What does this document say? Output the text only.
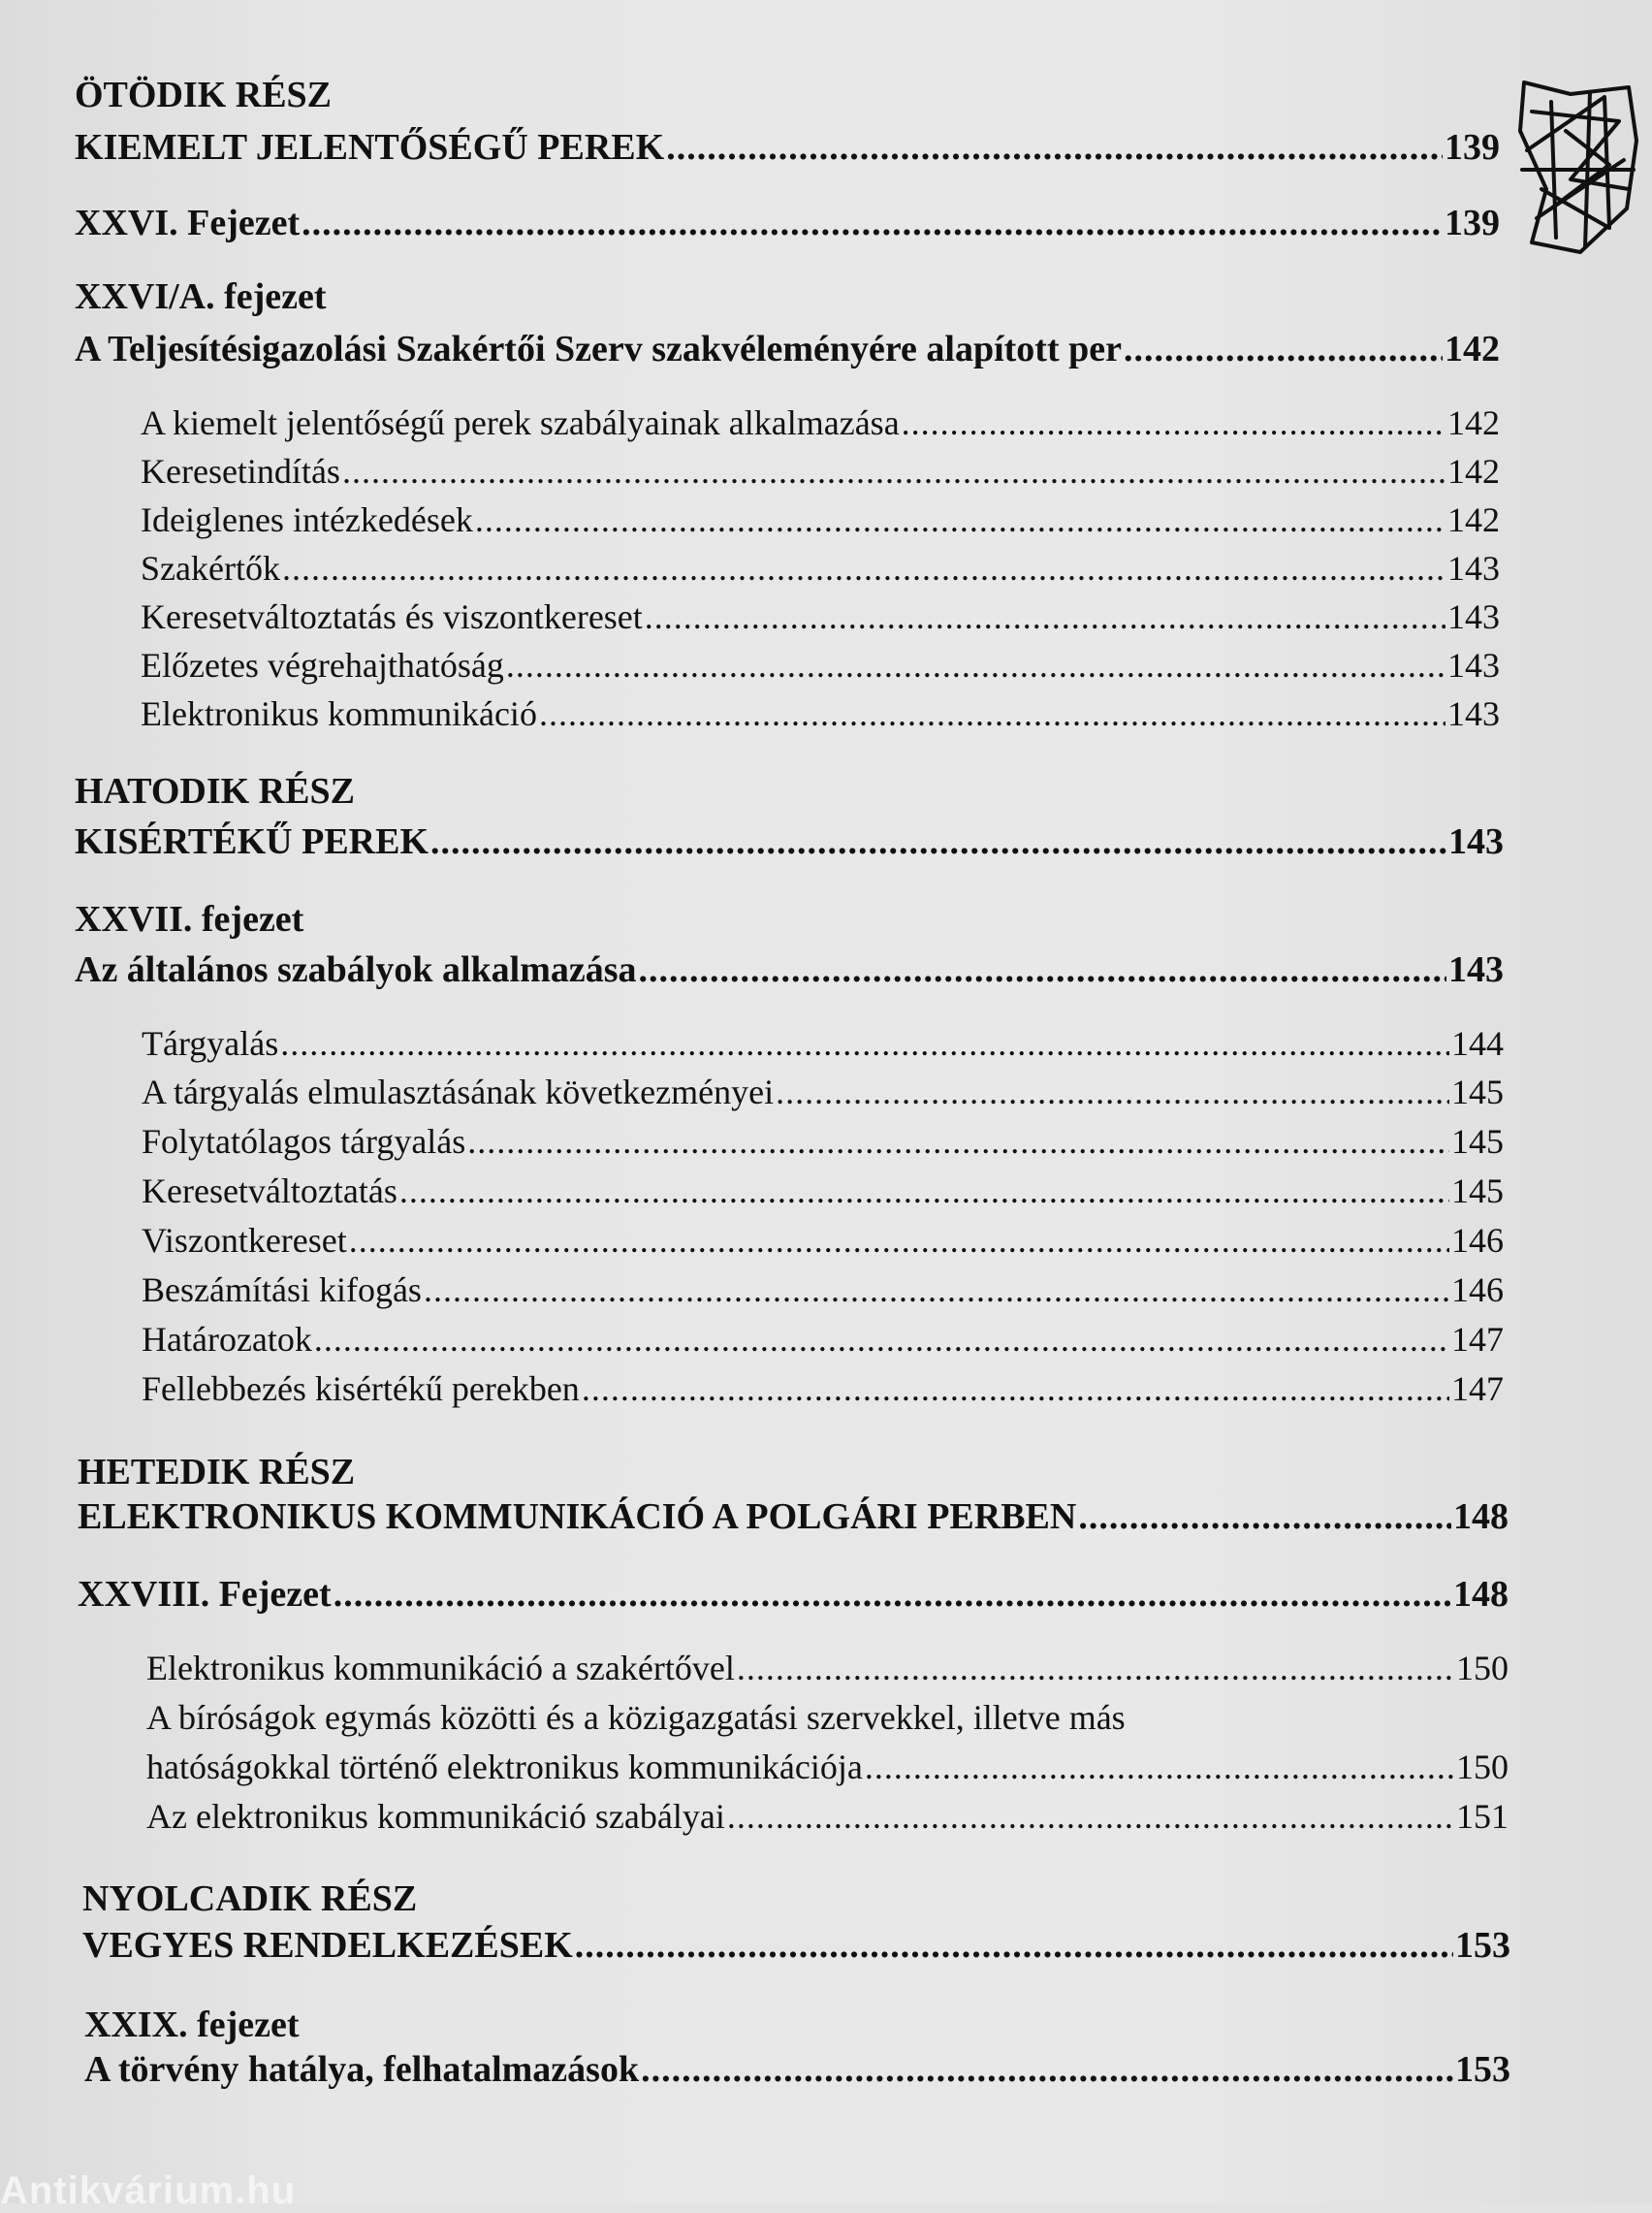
ÖTÖDIK RÉSZ
KIEMELT JELENTŐSÉGŰ PEREK .....	139
XXVI. Fejezet .....	139
XXVI/A. fejezet
A Teljesítésigazolási Szakértői Szerv szakvéleményére alapított per .....	142
A kiemelt jelentőségű perek szabályainak alkalmazása .....	142
Keresetindítás .....	142
Ideiglenes intézkedések .....	142
Szakértők .....	143
Keresetváltoztatás és viszontkereset .....	143
Előzetes végrehajthatóság .....	143
Elektronikus kommunikáció .....	143
HATODIK RÉSZ
KISÉRTÉKŰ PEREK .....	143
XXVII. fejezet
Az általános szabályok alkalmazása .....	143
Tárgyalás .....	144
A tárgyalás elmulasztásának következményei .....	145
Folytatólagos tárgyalás .....	145
Keresetváltoztatás .....	145
Viszontkereset .....	146
Beszámítási kifogás .....	146
Határozatok .....	147
Fellebbezés kisértékű perekben .....	147
HETEDIK RÉSZ
ELEKTRONIKUS KOMMUNIKÁCIÓ A POLGÁRI PERBEN .....	148
XXVIII. Fejezet .....	148
Elektronikus kommunikáció a szakértővel .....	150
A bíróságok egymás közötti és a közigazgatási szervekkel, illetve más
hatóságokkal történő elektronikus kommunikációja .....	150
Az elektronikus kommunikáció szabályai .....	151
NYOLCADIK RÉSZ
VEGYES RENDELKEZÉSEK .....	153
XXIX. fejezet
A törvény hatálya, felhatalmazások .....	153
Antikvárium.hu
